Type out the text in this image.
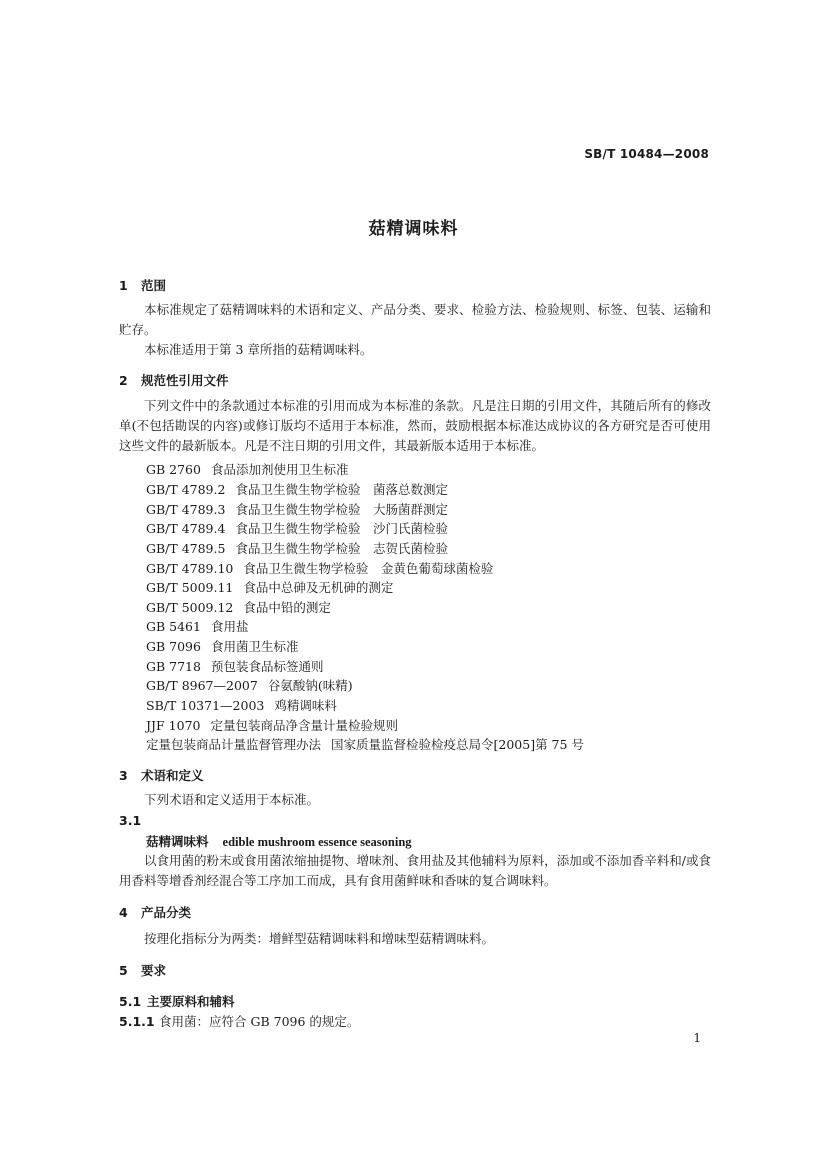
SB/T 10484—2008
菇精调味料
1 范围
本标准规定了菇精调味料的术语和定义、产品分类、要求、检验方法、检验规则、标签、包装、运输和贮存。
本标准适用于第 3 章所指的菇精调味料。
2 规范性引用文件
下列文件中的条款通过本标准的引用而成为本标准的条款。凡是注日期的引用文件，其随后所有的修改单(不包括勘误的内容)或修订版均不适用于本标准，然而，鼓励根据本标准达成协议的各方研究是否可使用这些文件的最新版本。凡是不注日期的引用文件，其最新版本适用于本标准。
GB 2760 食品添加剂使用卫生标准
GB/T 4789.2 食品卫生微生物学检验　菌落总数测定
GB/T 4789.3 食品卫生微生物学检验　大肠菌群测定
GB/T 4789.4 食品卫生微生物学检验　沙门氏菌检验
GB/T 4789.5 食品卫生微生物学检验　志贺氏菌检验
GB/T 4789.10 食品卫生微生物学检验　金黄色葡萄球菌检验
GB/T 5009.11 食品中总砷及无机砷的测定
GB/T 5009.12 食品中铅的测定
GB 5461 食用盐
GB 7096 食用菌卫生标准
GB 7718 预包装食品标签通则
GB/T 8967—2007 谷氨酸钠(味精)
SB/T 10371—2003 鸡精调味料
JJF 1070 定量包装商品净含量计量检验规则
定量包装商品计量监督管理办法 国家质量监督检验检疫总局令[2005]第 75 号
3 术语和定义
下列术语和定义适用于本标准。
3.1
菇精调味料 edible mushroom essence seasoning
以食用菌的粉末或食用菌浓缩抽提物、增味剂、食用盐及其他辅料为原料，添加或不添加香辛料和/或食用香料等增香剂经混合等工序加工而成，具有食用菌鲜味和香味的复合调味料。
4 产品分类
按理化指标分为两类：增鲜型菇精调味料和增味型菇精调味料。
5 要求
5.1 主要原料和辅料
5.1.1 食用菌：应符合 GB 7096 的规定。
1
